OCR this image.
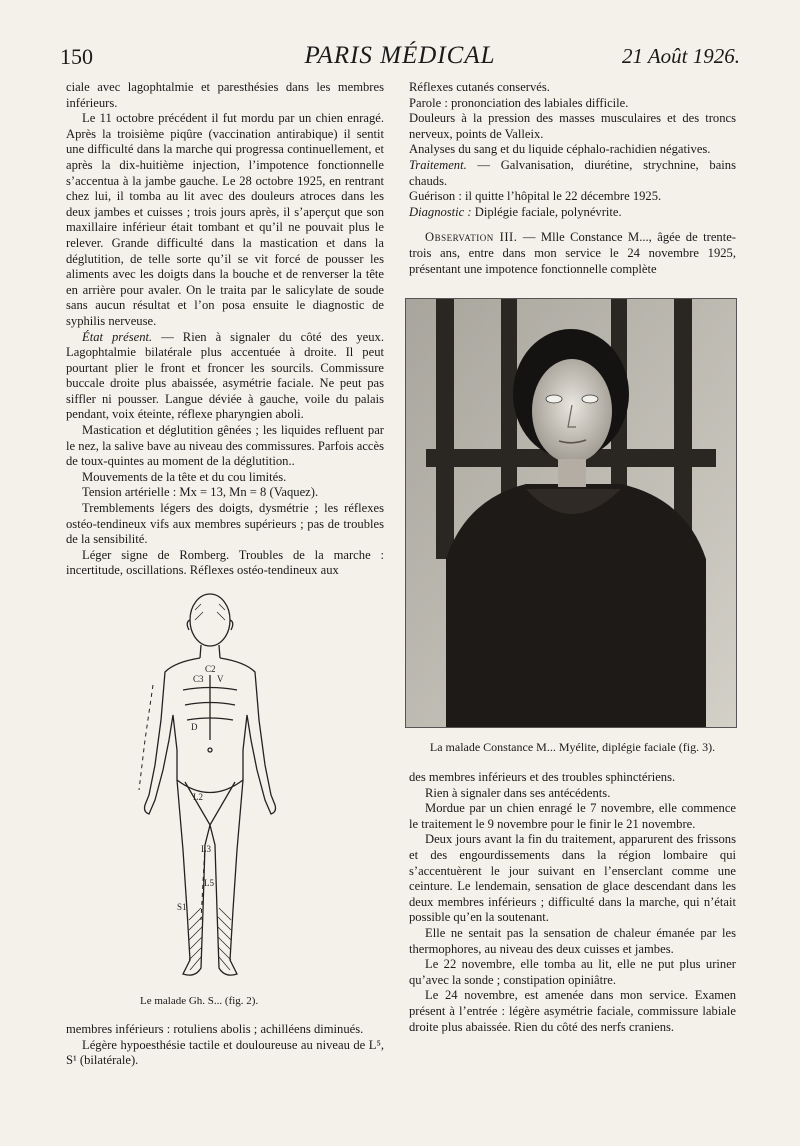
150	PARIS MÉDICAL	21 Août 1926.

ciale avec lagophtalmie et paresthésies dans les membres inférieurs.

Le 11 octobre précédent il fut mordu par un chien enragé. Après la troisième piqûre (vaccination antirabique) il sentit une difficulté dans la marche qui progressa continuellement, et après la dix-huitième injection, l’impotence fonctionnelle s’accentua à la jambe gauche. Le 28 octobre 1925, en rentrant chez lui, il tomba au lit avec des douleurs atroces dans les deux jambes et cuisses ; trois jours après, il s’aperçut que son maxillaire inférieur était tombant et qu’il ne pouvait plus le relever. Grande difficulté dans la mastication et dans la déglutition, de telle sorte qu’il se vit forcé de pousser les aliments avec les doigts dans la bouche et de renverser la tête en arrière pour avaler. On le traita par le salicylate de soude sans aucun résultat et l’on posa ensuite le diagnostic de syphilis nerveuse.

État présent. — Rien à signaler du côté des yeux. Lagophtalmie bilatérale plus accentuée à droite. Il peut pourtant plier le front et froncer les sourcils. Commissure buccale droite plus abaissée, asymétrie faciale. Ne peut pas siffler ni pousser. Langue déviée à gauche, voile du palais pendant, voix éteinte, réflexe pharyngien aboli.

Mastication et déglutition gênées ; les liquides refluent par le nez, la salive bave au niveau des commissures. Parfois accès de toux-quintes au moment de la déglutition..

Mouvements de la tête et du cou limités.

Tension artérielle : Mx = 13, Mn = 8 (Vaquez).

Tremblements légers des doigts, dysmétrie ; les réflexes ostéo-tendineux vifs aux membres supérieurs ; pas de troubles de la sensibilité.

Léger signe de Romberg. Troubles de la marche : incertitude, oscillations. Réflexes ostéo-tendineux aux

C2
C3 V
D
L2
L3
L5
S1
Le malade Gh. S... (fig. 2).

membres inférieurs : rotuliens abolis ; achilléens diminués.

Légère hypoesthésie tactile et douloureuse au niveau de L⁵, S¹ (bilatérale).

Réflexes cutanés conservés.

Parole : prononciation des labiales difficile.

Douleurs à la pression des masses musculaires et des troncs nerveux, points de Valleix.

Analyses du sang et du liquide céphalo-rachidien négatives.

Traitement. — Galvanisation, diurétine, strychnine, bains chauds.

Guérison : il quitte l’hôpital le 22 décembre 1925.

Diagnostic : Diplégie faciale, polynévrite.

Observation III. — Mlle Constance M..., âgée de trente-trois ans, entre dans mon service le 24 novembre 1925, présentant une impotence fonctionnelle complète

La malade Constance M... Myélite, diplégie faciale (fig. 3).

des membres inférieurs et des troubles sphinctériens.

Rien à signaler dans ses antécédents.

Mordue par un chien enragé le 7 novembre, elle commence le traitement le 9 novembre pour le finir le 21 novembre.

Deux jours avant la fin du traitement, apparurent des frissons et des engourdissements dans la région lombaire qui s’accentuèrent le jour suivant en l’enserclant comme une ceinture. Le lendemain, sensation de glace descendant dans les deux membres inférieurs ; difficulté dans la marche, qui n’était possible qu’en la soutenant.

Elle ne sentait pas la sensation de chaleur émanée par les thermophores, au niveau des deux cuisses et jambes.

Le 22 novembre, elle tomba au lit, elle ne put plus uriner qu’avec la sonde ; constipation opiniâtre.

Le 24 novembre, est amenée dans mon service. Examen présent à l’entrée : légère asymétrie faciale, commissure labiale droite plus abaissée. Rien du côté des nerfs craniens.
